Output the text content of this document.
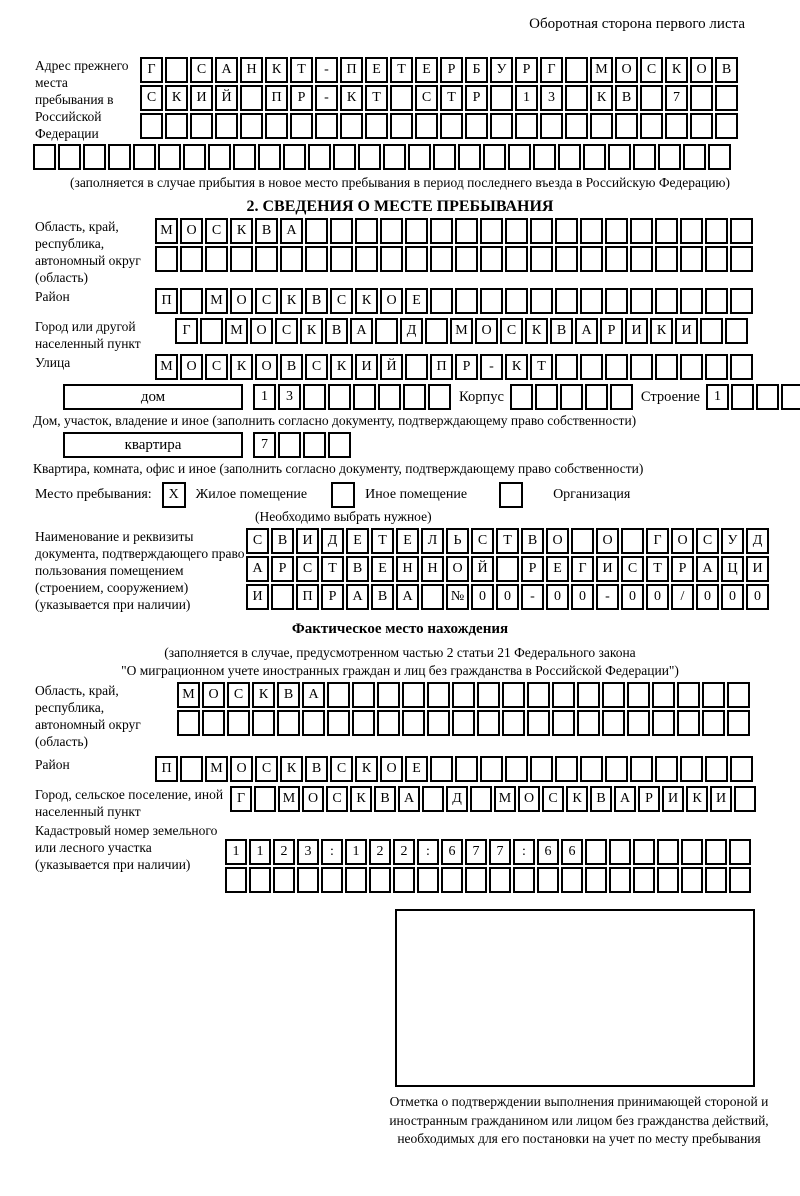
Оборотная сторона первого листа
Адрес прежнего места пребывания в Российской Федерации
Г	С А Н К Т - П Е Т Е Р Б У Р Г	М О С К О В
С К И Й	П Р - К Т	С Т Р	1 3	К В	7

(заполняется в случае прибытия в новое место пребывания в период последнего въезда в Российскую Федерацию)
2. СВЕДЕНИЯ О МЕСТЕ ПРЕБЫВАНИЯ
Область, край, республика, автономный округ (область)
М О С К В А

Район	П	М О С К В С К О Е
Город или другой населенный пункт
Г	М О С К В А	Д	М О С К В А Р И К И
Улица	М О С К О В С К И Й	П Р - К Т
дом	1 3	Корпус	Строение 1
Дом, участок, владение и иное (заполнить согласно документу, подтверждающему право собственности)
квартира	7
Квартира, комната, офис и иное (заполнить согласно документу, подтверждающему право собственности)
Место пребывания: X Жилое помещение	Иное помещение	Организация
(Необходимо выбрать нужное)
Наименование и реквизиты документа, подтверждающего право пользования помещением (строением, сооружением) (указывается при наличии)
С В И Д Е Т Е Л Ь С Т В О	О	Г О С У Д
А Р С Т В Е Н Н О Й	Р Е Г И С Т Р А Ц И
И	П Р А В А	№ 0 0 - 0 0 - 0 0 / 0 0 0
Фактическое место нахождения
(заполняется в случае, предусмотренном частью 2 статьи 21 Федерального закона
"О миграционном учете иностранных граждан и лиц без гражданства в Российской Федерации")
Область, край, республика, автономный округ (область)
М О С К В А

Район	П	М О С К В С К О Е
Город, сельское поселение, иной населенный пункт
Г	М О С К В А	Д	М О С К В А Р И К И
Кадастровый номер земельного или лесного участка (указывается при наличии)
1 1 2 3 : 1 2 2 : 6 7 7 : 6 6

Отметка о подтверждении выполнения принимающей стороной и иностранным гражданином или лицом без гражданства действий, необходимых для его постановки на учет по месту пребывания
